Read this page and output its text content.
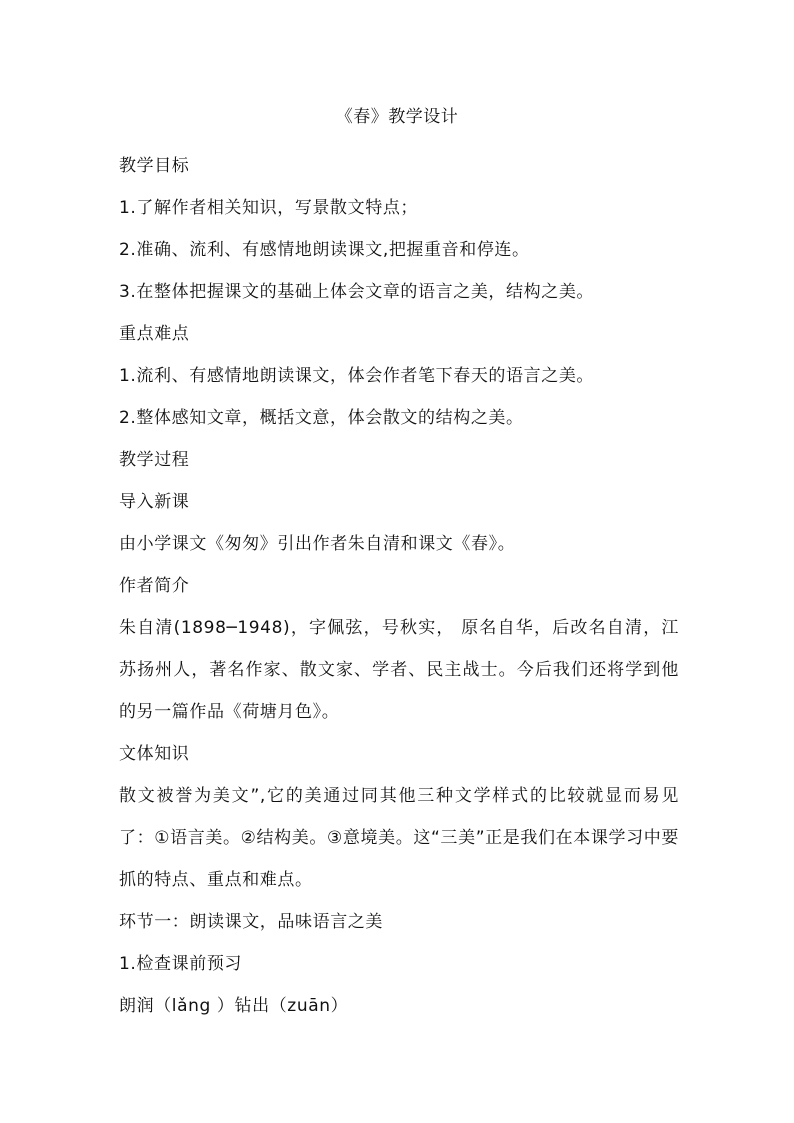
《春》教学设计
教学目标
1.了解作者相关知识，写景散文特点；
2.准确、流利、有感情地朗读课文,把握重音和停连。
3.在整体把握课文的基础上体会文章的语言之美，结构之美。
重点难点
1.流利、有感情地朗读课文，体会作者笔下春天的语言之美。
2.整体感知文章，概括文意，体会散文的结构之美。
教学过程
导入新课
由小学课文《匆匆》引出作者朱自清和课文《春》。
作者简介
朱自清(1898─1948)，字佩弦，号秋实， 原名自华，后改名自清，江苏扬州人，著名作家、散文家、学者、民主战士。今后我们还将学到他的另一篇作品《荷塘月色》。
文体知识
散文被誉为美文”,它的美通过同其他三种文学样式的比较就显而易见了：①语言美。②结构美。③意境美。这“三美”正是我们在本课学习中要抓的特点、重点和难点。
环节一：朗读课文，品味语言之美
1.检查课前预习
朗润（lǎng ）钻出（zuān）
